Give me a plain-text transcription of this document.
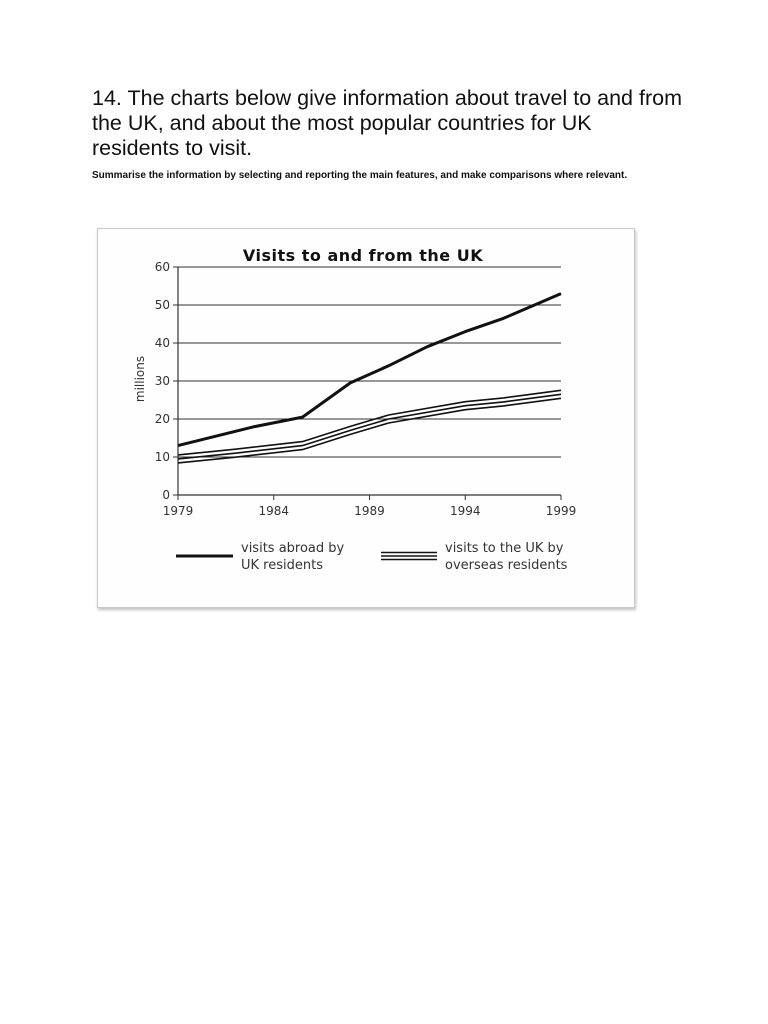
14. The charts below give information about travel to and from the UK, and about the most popular countries for UK residents to visit.

Summarise the information by selecting and reporting the main features, and make comparisons where relevant.

Visits to and from the UK
millions
0
10
20
30
40
50
60
1979	1984	1989	1994	1999
visits abroad by
UK residents
visits to the UK by
overseas residents
